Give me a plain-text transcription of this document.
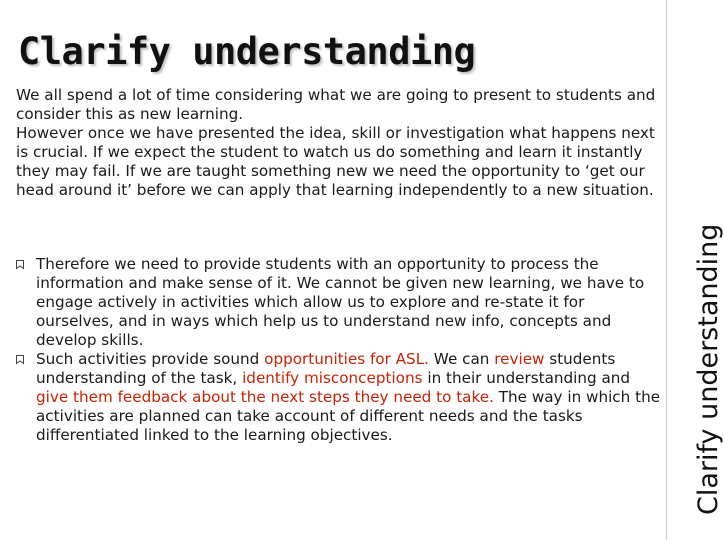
Clarify understanding

We all spend a lot of time considering what we are going to present to students and consider this as new learning.

However once we have presented the idea, skill or investigation what happens next is crucial. If we expect the student to watch us do something and learn it instantly they may fail. If we are taught something new we need the opportunity to ‘get our head around it’ before we can apply that learning independently to a new situation.

Therefore we need to provide students with an opportunity to process the information and make sense of it. We cannot be given new learning, we have to engage actively in activities which allow us to explore and re-state it for ourselves, and in ways which help us to understand new info, concepts and develop skills.
Such activities provide sound opportunities for ASL. We can review students understanding of the task, identify misconceptions in their understanding and give them feedback about the next steps they need to take. The way in which the activities are planned can take account of different needs and the tasks differentiated linked to the learning objectives.	Clarify understanding
